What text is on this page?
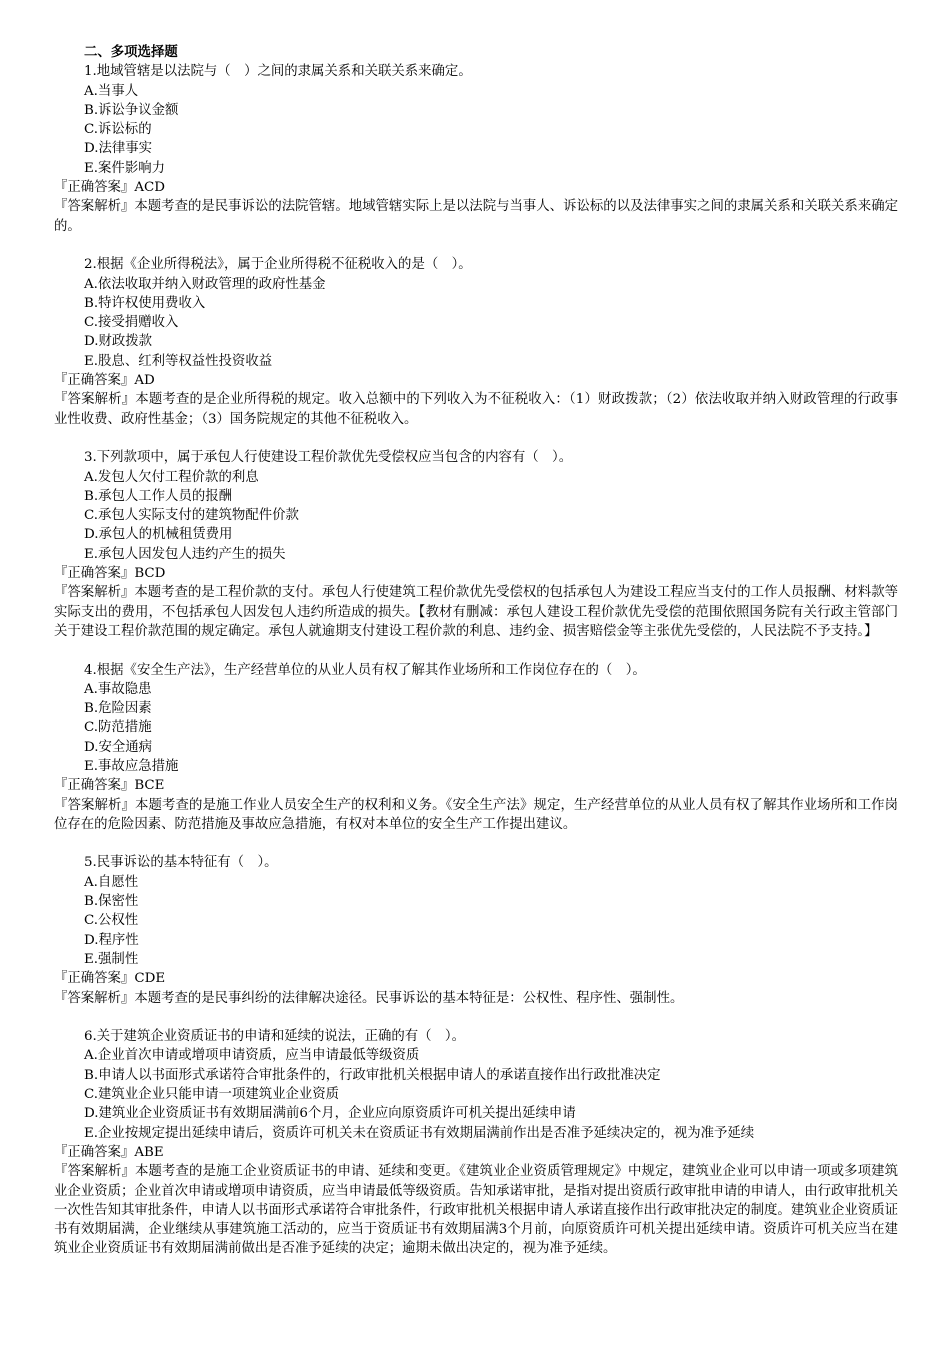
二、多项选择题
1.地域管辖是以法院与（　）之间的隶属关系和关联关系来确定。
A.当事人
B.诉讼争议金额
C.诉讼标的
D.法律事实
E.案件影响力
『正确答案』ACD
『答案解析』本题考查的是民事诉讼的法院管辖。地域管辖实际上是以法院与当事人、诉讼标的以及法律事实之间的隶属关系和关联关系来确定的。
2.根据《企业所得税法》，属于企业所得税不征税收入的是（　）。
A.依法收取并纳入财政管理的政府性基金
B.特许权使用费收入
C.接受捐赠收入
D.财政拨款
E.股息、红利等权益性投资收益
『正确答案』AD
『答案解析』本题考查的是企业所得税的规定。收入总额中的下列收入为不征税收入：（1）财政拨款；（2）依法收取并纳入财政管理的行政事业性收费、政府性基金；（3）国务院规定的其他不征税收入。
3.下列款项中，属于承包人行使建设工程价款优先受偿权应当包含的内容有（　）。
A.发包人欠付工程价款的利息
B.承包人工作人员的报酬
C.承包人实际支付的建筑物配件价款
D.承包人的机械租赁费用
E.承包人因发包人违约产生的损失
『正确答案』BCD
『答案解析』本题考查的是工程价款的支付。承包人行使建筑工程价款优先受偿权的包括承包人为建设工程应当支付的工作人员报酬、材料款等实际支出的费用，不包括承包人因发包人违约所造成的损失。【教材有删减：承包人建设工程价款优先受偿的范围依照国务院有关行政主管部门关于建设工程价款范围的规定确定。承包人就逾期支付建设工程价款的利息、违约金、损害赔偿金等主张优先受偿的，人民法院不予支持。】
4.根据《安全生产法》，生产经营单位的从业人员有权了解其作业场所和工作岗位存在的（　）。
A.事故隐患
B.危险因素
C.防范措施
D.安全通病
E.事故应急措施
『正确答案』BCE
『答案解析』本题考查的是施工作业人员安全生产的权利和义务。《安全生产法》规定，生产经营单位的从业人员有权了解其作业场所和工作岗位存在的危险因素、防范措施及事故应急措施，有权对本单位的安全生产工作提出建议。
5.民事诉讼的基本特征有（　）。
A.自愿性
B.保密性
C.公权性
D.程序性
E.强制性
『正确答案』CDE
『答案解析』本题考查的是民事纠纷的法律解决途径。民事诉讼的基本特征是：公权性、程序性、强制性。
6.关于建筑企业资质证书的申请和延续的说法，正确的有（　）。
A.企业首次申请或增项申请资质，应当申请最低等级资质
B.申请人以书面形式承诺符合审批条件的，行政审批机关根据申请人的承诺直接作出行政批准决定
C.建筑业企业只能申请一项建筑业企业资质
D.建筑业企业资质证书有效期届满前6个月，企业应向原资质许可机关提出延续申请
E.企业按规定提出延续申请后，资质许可机关未在资质证书有效期届满前作出是否准予延续决定的，视为准予延续
『正确答案』ABE
『答案解析』本题考查的是施工企业资质证书的申请、延续和变更。《建筑业企业资质管理规定》中规定，建筑业企业可以申请一项或多项建筑业企业资质；企业首次申请或增项申请资质，应当申请最低等级资质。告知承诺审批，是指对提出资质行政审批申请的申请人，由行政审批机关一次性告知其审批条件，申请人以书面形式承诺符合审批条件，行政审批机关根据申请人承诺直接作出行政审批决定的制度。建筑业企业资质证书有效期届满，企业继续从事建筑施工活动的，应当于资质证书有效期届满3个月前，向原资质许可机关提出延续申请。资质许可机关应当在建筑业企业资质证书有效期届满前做出是否准予延续的决定；逾期未做出决定的，视为准予延续。
